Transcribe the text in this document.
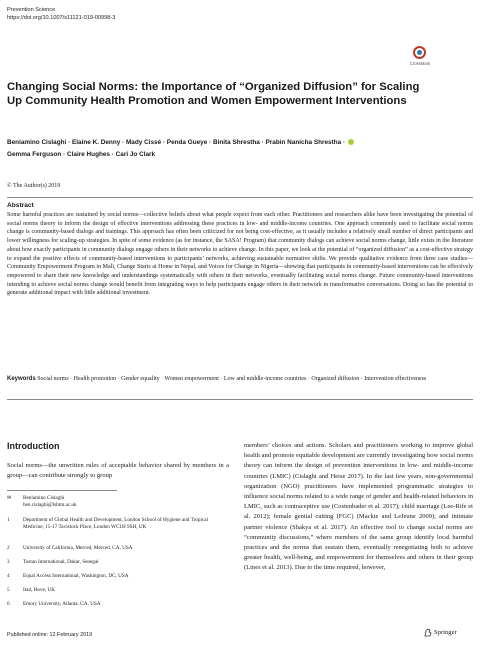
Prevention Science
https://doi.org/10.1007/s11121-019-00998-3
CrossMark
Changing Social Norms: the Importance of “Organized Diffusion” for Scaling Up Community Health Promotion and Women Empowerment Interventions
Beniamino Cislaghi · Elaine K. Denny · Mady Cissé · Penda Gueye · Binita Shrestha · Prabin Nanicha Shrestha ·
Gemma Ferguson · Claire Hughes · Cari Jo Clark
© The Author(s) 2019
Abstract
Some harmful practices are sustained by social norms—collective beliefs about what people expect from each other. Practitioners and researchers alike have been investigating the potential of social norms theory to inform the design of effective interventions addressing these practices in low- and middle-income countries. One approach commonly used to facilitate social norms change is community-based dialogs and trainings. This approach has often been criticized for not being cost-effective, as it usually includes a relatively small number of direct participants and lower willingness for scaling-up strategies. In spite of some evidence (as for instance, the SASA! Program) that community dialogs can achieve social norms change, little exists in the literature about how exactly participants in community dialogs engage others in their networks to achieve change. In this paper, we look at the potential of “organized diffusion” as a cost-effective strategy to expand the positive effects of community-based interventions to participants’ networks, achieving sustainable normative shifts. We provide qualitative evidence from three case studies—Community Empowerment Program in Mali, Change Starts at Home in Nepal, and Voices for Change in Nigeria—showing that participants in community-based interventions can be effectively empowered to share their new knowledge and understandings systematically with others in their networks, eventually facilitating social norms change. Future community-based interventions intending to achieve social norms change would benefit from integrating ways to help participants engage others in their network in transformative conversations. Doing so has the potential to generate additional impact with little additional investment.
Keywords Social norms · Health promotion · Gender equality · Women empowerment · Low and middle-income countries · Organized diffusion · Intervention effectiveness
Introduction
Social norms—the unwritten rules of acceptable behavior shared by members in a group—can contribute strongly to group
members’ choices and actions. Scholars and practitioners working to improve global health and promote equitable development are currently investigating how social norms theory can inform the design of prevention interventions in low- and middle-income countries (LMIC) (Cislaghi and Heise 2017). In the last few years, non-governmental organization (NGO) practitioners have implemented programmatic strategies to influence social norms related to a wide range of gender and health-related behaviors in LMIC, such as contraceptive use (Costenbader et al. 2017); child marriage (Lee-Rife et al. 2012); female genital cutting (FGC) (Mackie and LeJeune 2009); and intimate partner violence (Shakya et al. 2017). An effective tool to change social norms are “community discussions,” where members of the same group identify local harmful practices and the norms that sustain them, eventually renegotiating both to achieve greater health, well-being, and empowerment for themselves and others in their group (Lines et al. 2013). Due to the time required, however,
✉ Beniamino Cislaghi
ben.cislaghi@lshtm.ac.uk
1	Department of Global Health and Development, London School of Hygiene and Tropical Medicine, 15-17 Tavistock Place, London WC1H 9SH, UK
2	University of California, Merced, Merced, CA, USA
3	Tostan International, Dakar, Senegal
4	Equal Access International, Washington, DC, USA
5	Itad, Hove, UK
6	Emory University, Atlanta, GA, USA
Published online: 12 February 2019	Springer
